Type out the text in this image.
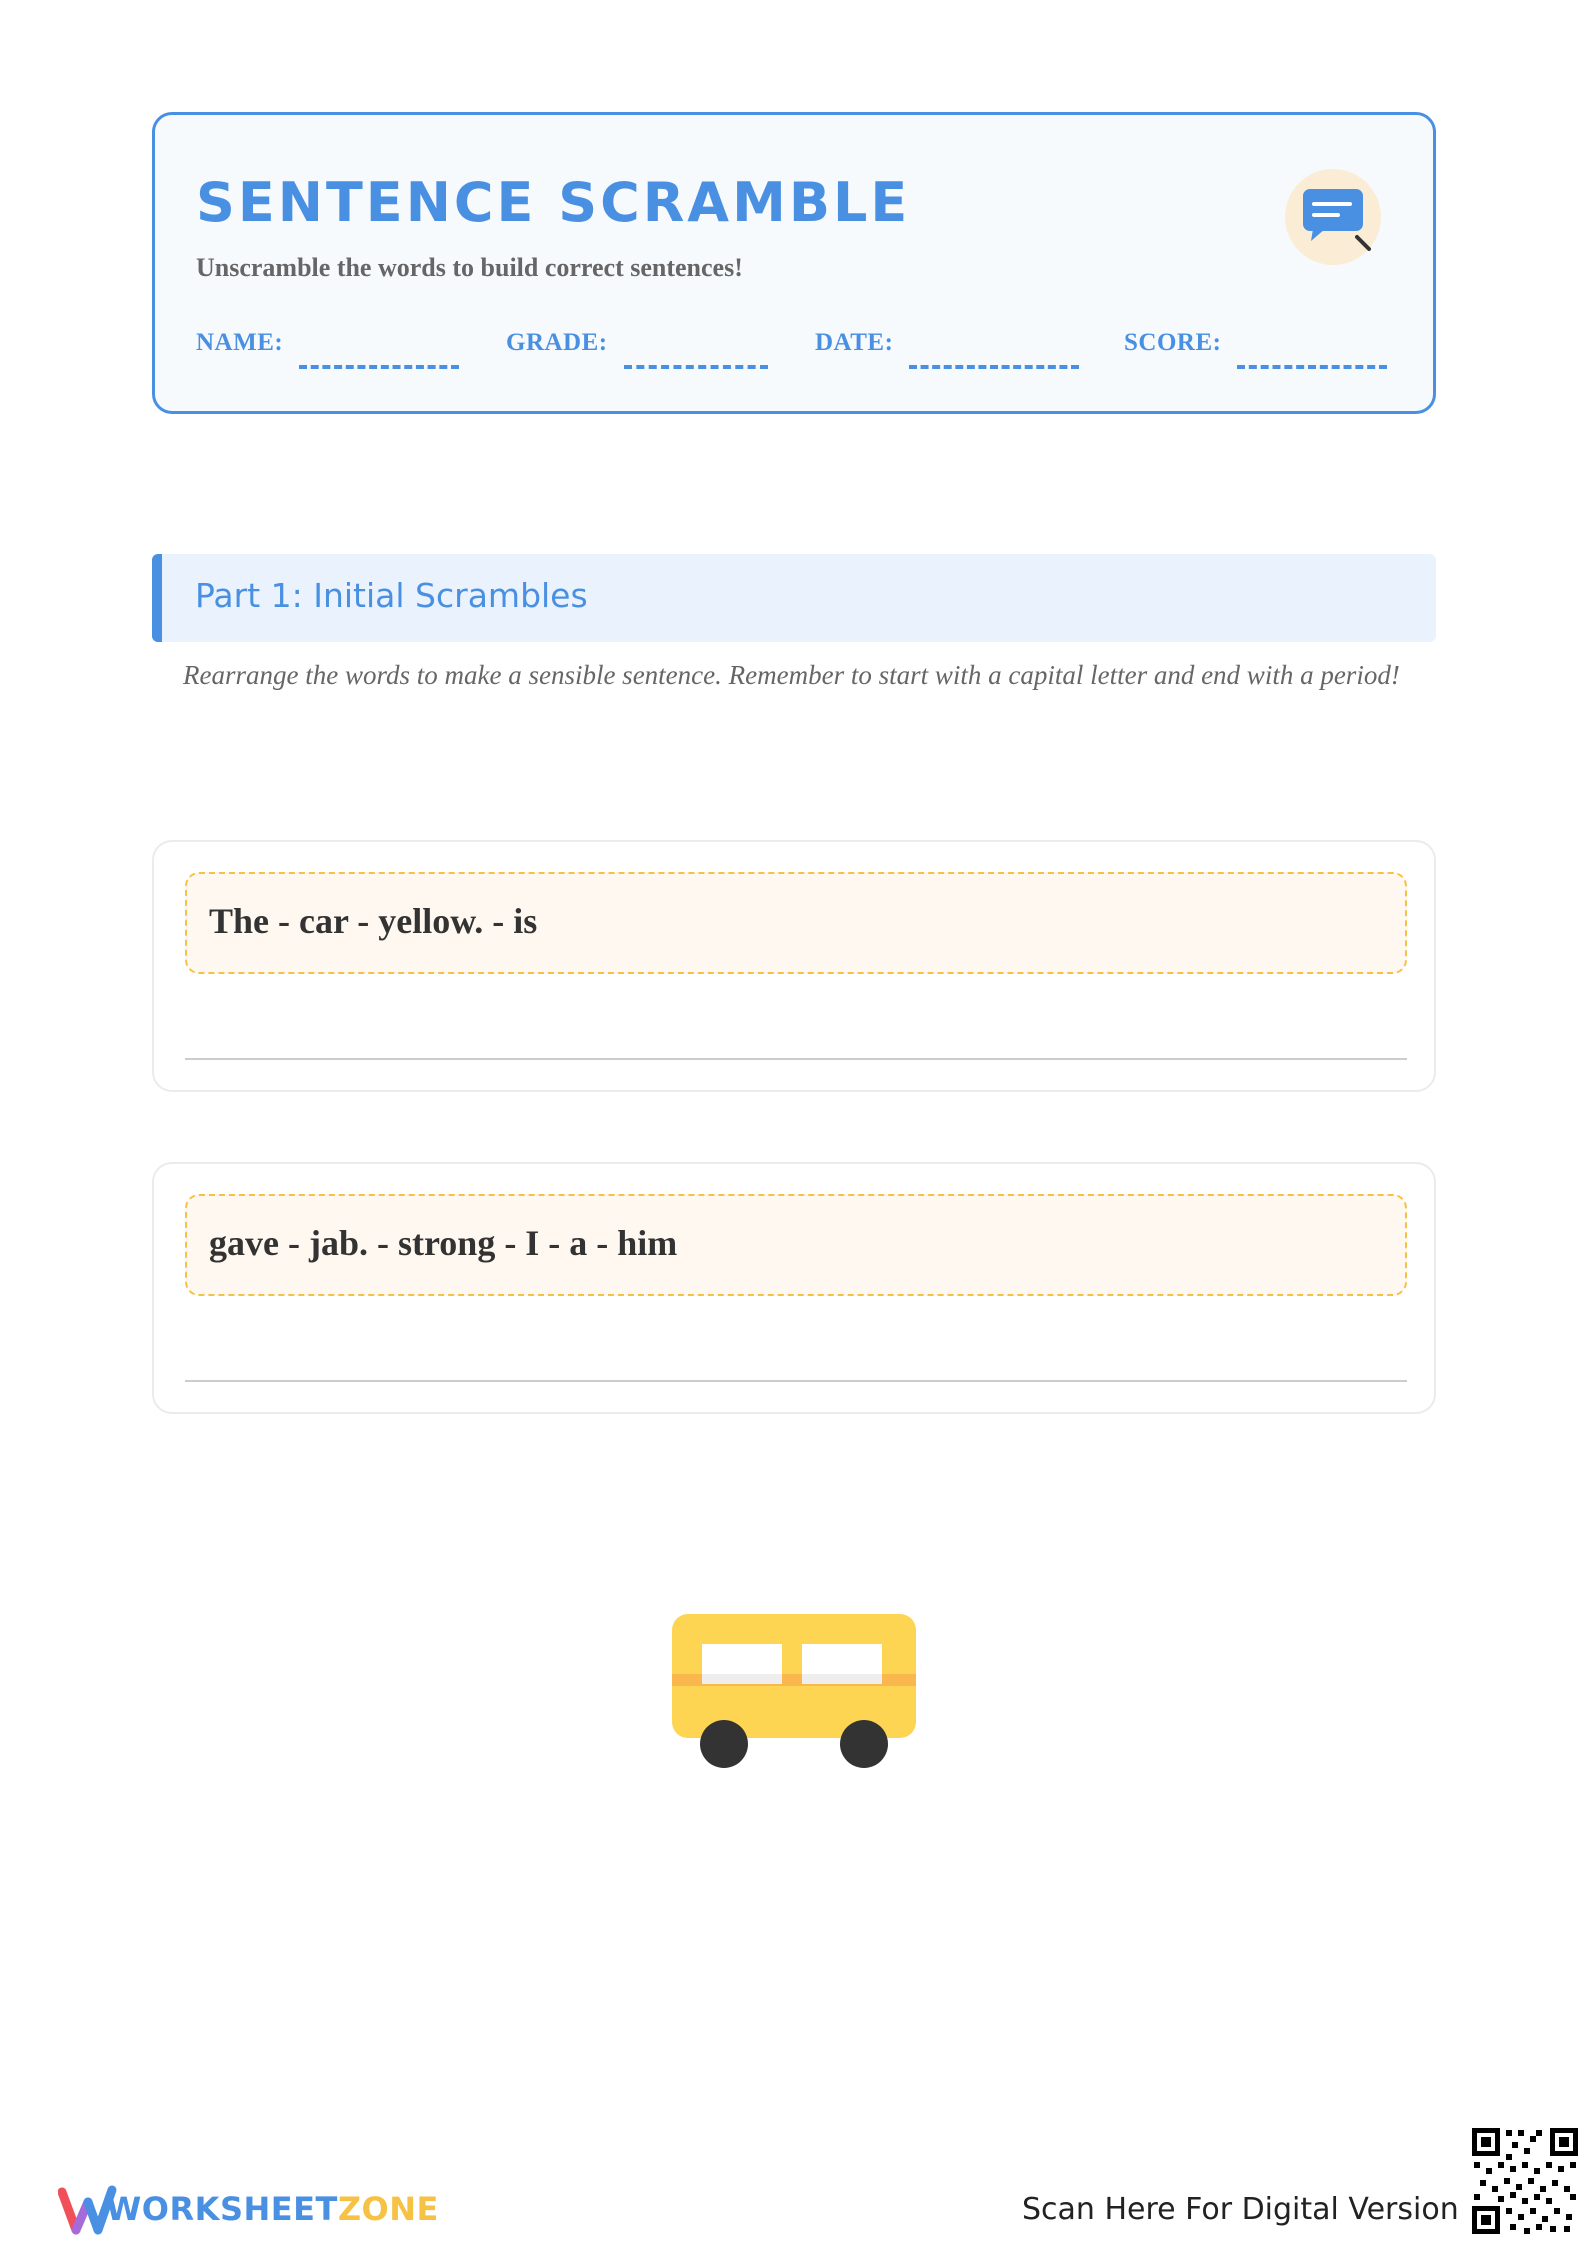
SENTENCE SCRAMBLE
Unscramble the words to build correct sentences!
NAME:	GRADE:	DATE:	SCORE:
Part 1: Initial Scrambles
Rearrange the words to make a sensible sentence. Remember to start with a capital letter and end with a period!
The - car - yellow. - is
gave - jab. - strong - I - a - him
WORKSHEETZONE	Scan Here For Digital Version
